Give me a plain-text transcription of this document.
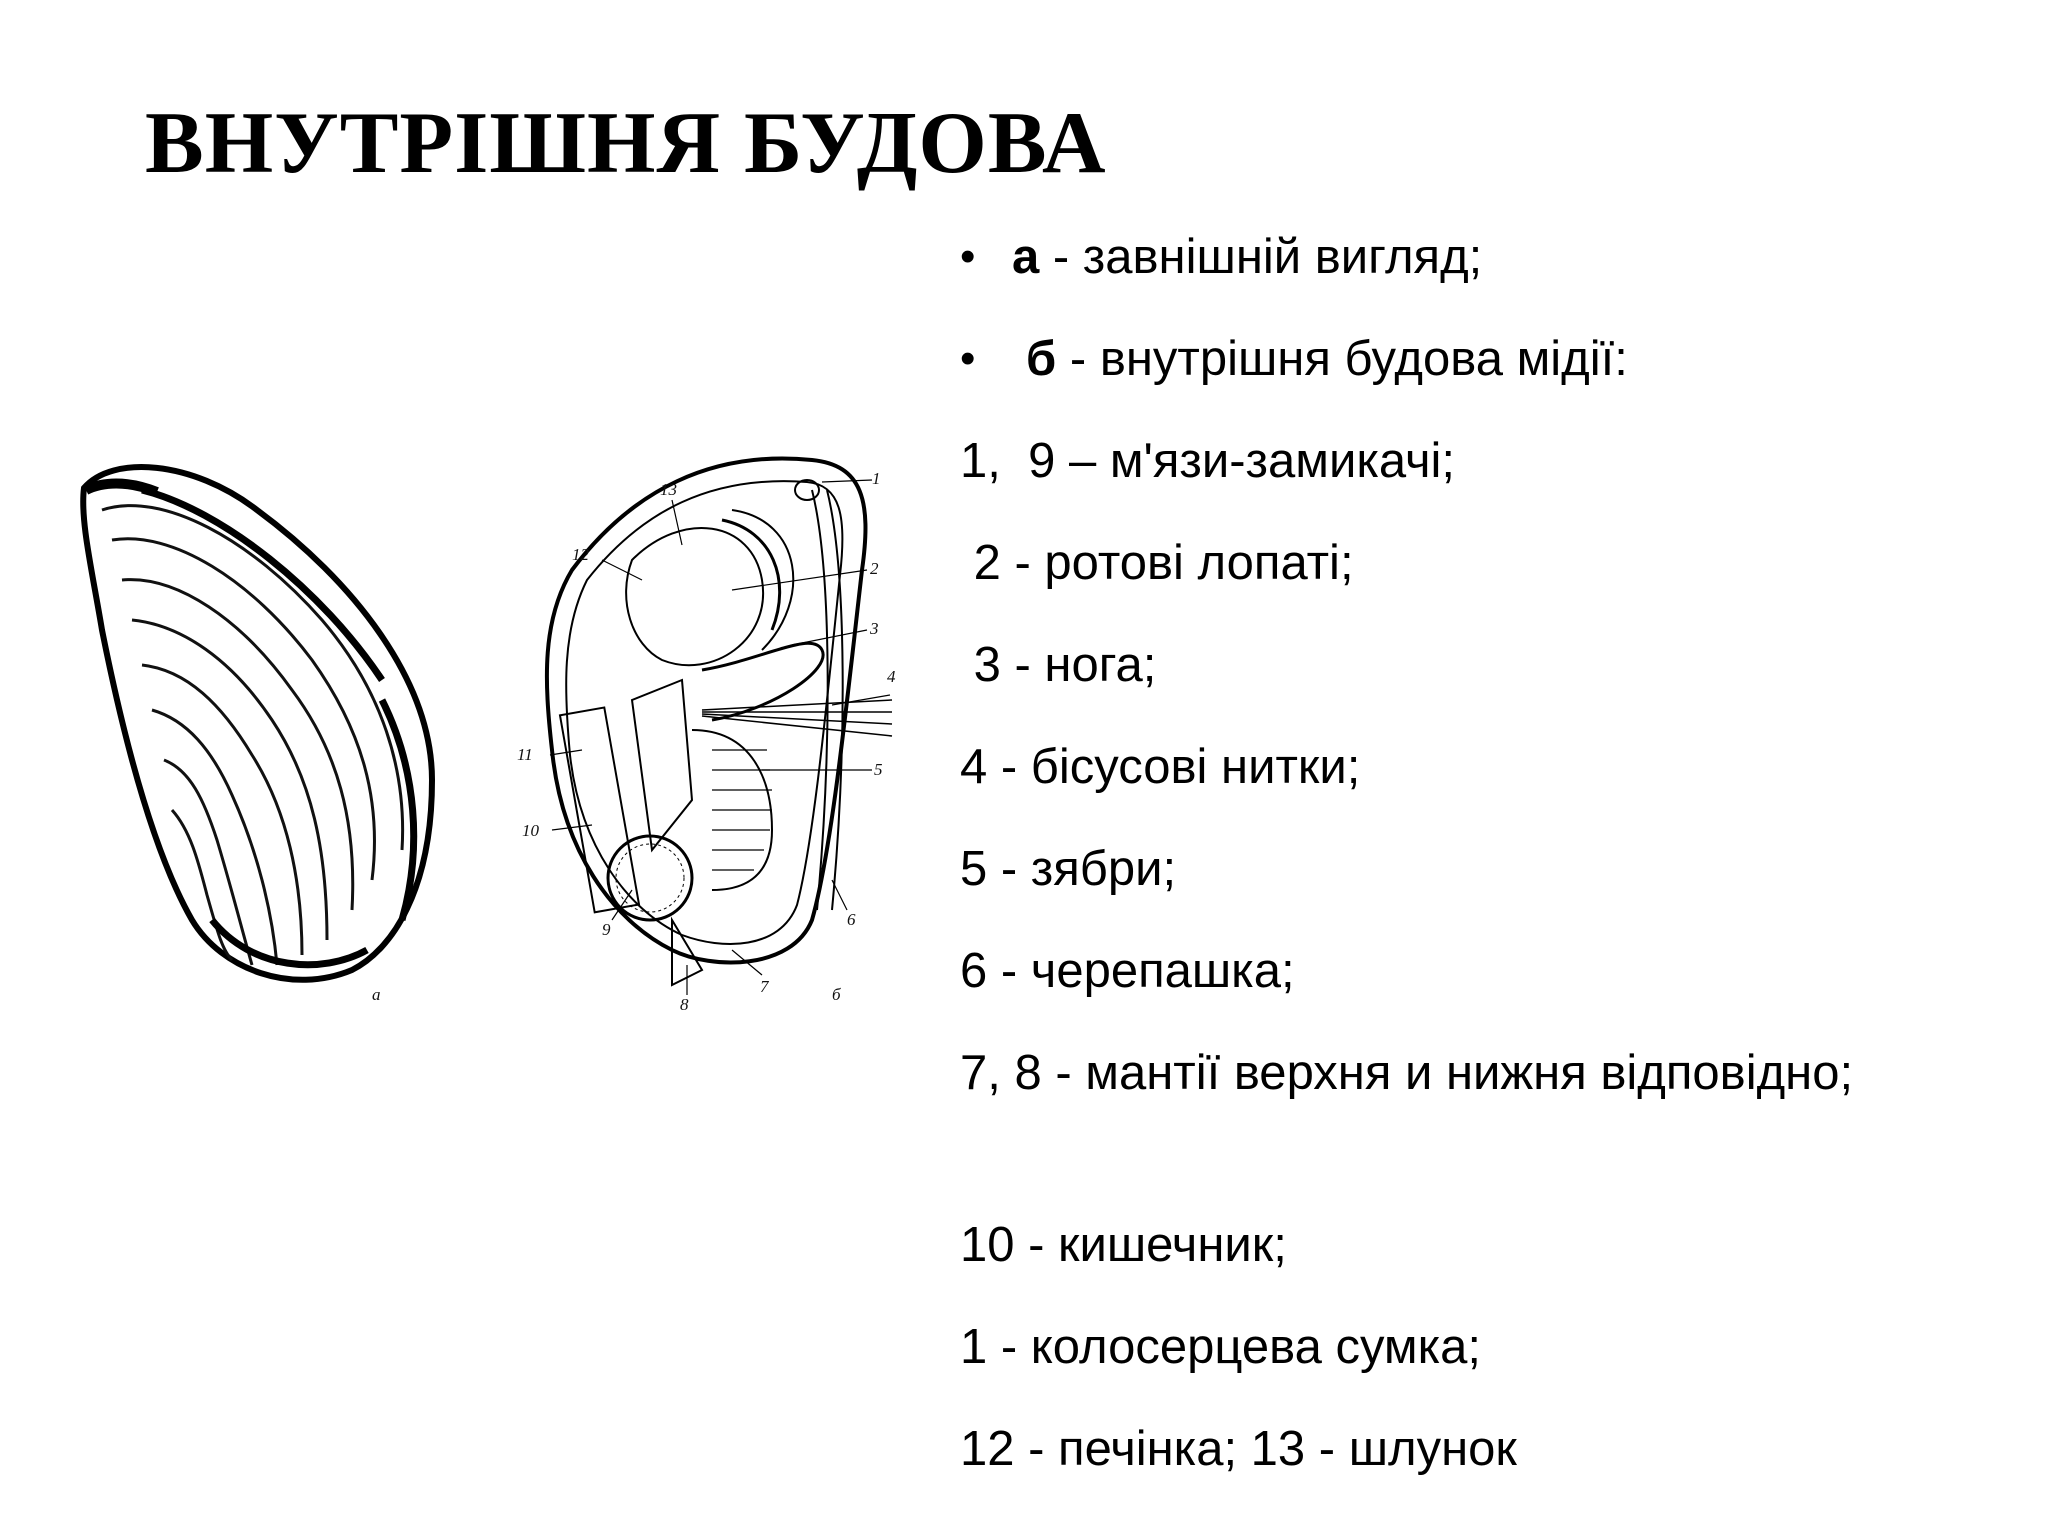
ВНУТРІШНЯ БУДОВА
а
1
2
3
4
5
6
7
8
9
10
11
12
13
б
• а - завнішній вигляд;
• б - внутрішня будова мідії:
1,  9 – м'язи-замикачі;
2 - ротові лопаті;
3 - нога;
4 - бісусові нитки;
5 - зябри;
6 - черепашка;
7, 8 - мантії верхня и нижня відповідно;
10 - кишечник;
1 - колосерцева сумка;
12 - печінка; 13 - шлунок
